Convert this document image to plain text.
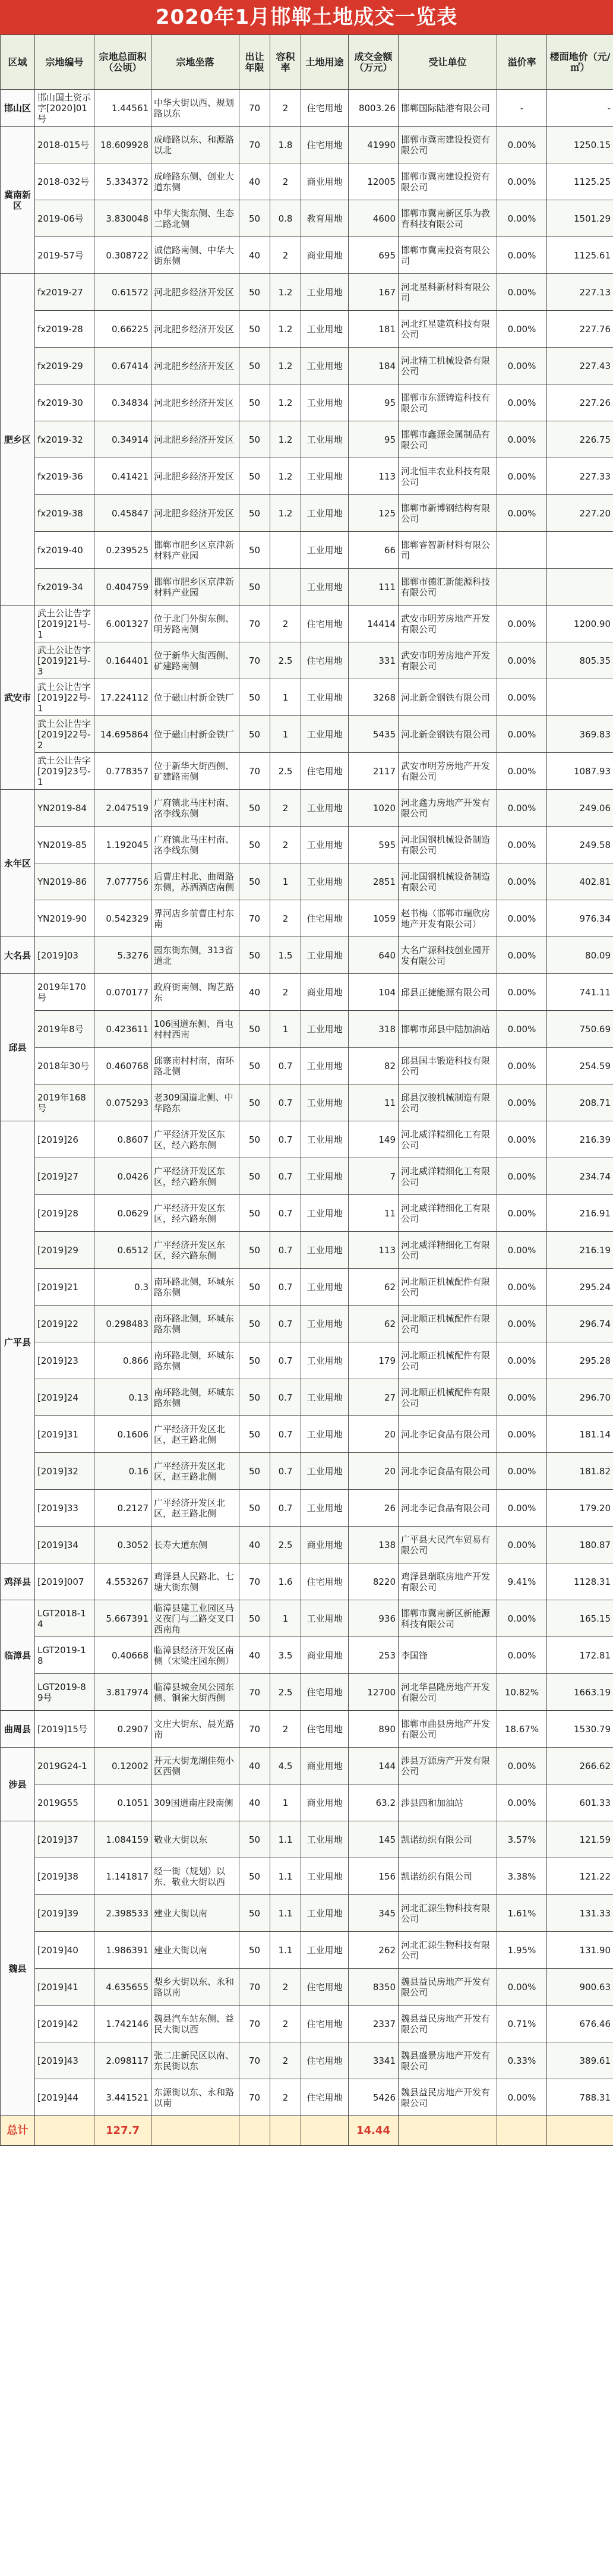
2020年1月邯郸土地成交一览表
区域	宗地编号	宗地总面积（公顷）	宗地坐落	出让年限	容积率	土地用途	成交金额（万元）	受让单位	溢价率	楼面地价（元/㎡）
邯山区	邯山国土资示字[2020]01号	1.44561	中华大街以西、规划路以东	70	2	住宅用地	8003.26	邯郸国际陆港有限公司	-	-
冀南新区	2018-015号	18.609928	成峰路以东、和源路以北	70	1.8	住宅用地	41990	邯郸市冀南建设投资有限公司	0.00%	1250.15
	2018-032号	5.334372	成峰路东侧、创业大道东侧	40	2	商业用地	12005	邯郸市冀南建设投资有限公司	0.00%	1125.25
	2019-06号	3.830048	中华大街东侧、生态二路北侧	50	0.8	教育用地	4600	邯郸市冀南新区乐为教育科技有限公司	0.00%	1501.29
	2019-57号	0.308722	诚信路南侧、中华大街东侧	40	2	商业用地	695	邯郸市冀南投资有限公司	0.00%	1125.61
肥乡区	fx2019-27	0.61572	河北肥乡经济开发区	50	1.2	工业用地	167	河北星科新材料有限公司	0.00%	227.13
	fx2019-28	0.66225	河北肥乡经济开发区	50	1.2	工业用地	181	河北红星建筑科技有限公司	0.00%	227.76
	fx2019-29	0.67414	河北肥乡经济开发区	50	1.2	工业用地	184	河北精工机械设备有限公司	0.00%	227.43
	fx2019-30	0.34834	河北肥乡经济开发区	50	1.2	工业用地	95	邯郸市东源铸造科技有限公司	0.00%	227.26
	fx2019-32	0.34914	河北肥乡经济开发区	50	1.2	工业用地	95	邯郸市鑫源金属制品有限公司	0.00%	226.75
	fx2019-36	0.41421	河北肥乡经济开发区	50	1.2	工业用地	113	河北恒丰农业科技有限公司	0.00%	227.33
	fx2019-38	0.45847	河北肥乡经济开发区	50	1.2	工业用地	125	邯郸市新博钢结构有限公司	0.00%	227.20
	fx2019-40	0.239525	邯郸市肥乡区京津新材料产业园	50		工业用地	66	邯郸睿智新材料有限公司		
	fx2019-34	0.404759	邯郸市肥乡区京津新材料产业园	50		工业用地	111	邯郸市德汇新能源科技有限公司		
武安市	武土公让告字[2019]21号-1	6.001327	位于北门外街东侧、明芳路南侧	70	2	住宅用地	14414	武安市明芳房地产开发有限公司	0.00%	1200.90
	武土公让告字[2019]21号-3	0.164401	位于新华大街西侧、矿建路南侧	70	2.5	住宅用地	331	武安市明芳房地产开发有限公司	0.00%	805.35
	武土公让告字[2019]22号-1	17.224112	位于磁山村新金铁厂	50	1	工业用地	3268	河北新金钢铁有限公司	0.00%	
	武土公让告字[2019]22号-2	14.695864	位于磁山村新金铁厂	50	1	工业用地	5435	河北新金钢铁有限公司	0.00%	369.83
	武土公让告字[2019]23号-1	0.778357	位于新华大街西侧、矿建路南侧	70	2.5	住宅用地	2117	武安市明芳房地产开发有限公司	0.00%	1087.93
永年区	YN2019-84	2.047519	广府镇北马庄村南、洺李线东侧	50	2	工业用地	1020	河北鑫力房地产开发有限公司	0.00%	249.06
	YN2019-85	1.192045	广府镇北马庄村南、洺李线东侧	50	2	工业用地	595	河北国钢机械设备制造有限公司	0.00%	249.58
	YN2019-86	7.077756	后曹庄村北、曲周路东侧，苏洒酒店南侧	50	1	工业用地	2851	河北国钢机械设备制造有限公司	0.00%	402.81
	YN2019-90	0.542329	界河店乡前曹庄村东南	70	2	住宅用地	1059	赵书梅（邯郸市瑞欣房地产开发有限公司）	0.00%	976.34
大名县	[2019]03	5.3276	园东街东侧，313省道北	50	1.5	工业用地	640	大名广源科技创业园开发有限公司	0.00%	80.09
邱县	2019年170号	0.070177	政府街南侧、陶艺路东	40	2	商业用地	104	邱县正捷能源有限公司	0.00%	741.11
	2019年8号	0.423611	106国道东侧、肖屯村村西南	50	1	工业用地	318	邯郸市邱县中陆加油站	0.00%	750.69
	2018年30号	0.460768	邱寨南村村南，南环路北侧	50	0.7	工业用地	82	邱县国丰锻造科技有限公司	0.00%	254.59
	2019年168号	0.075293	老309国道北侧、中华路东	50	0.7	工业用地	11	邱县汉骏机械制造有限公司	0.00%	208.71
广平县	[2019]26	0.8607	广平经济开发区东区，经六路东侧	50	0.7	工业用地	149	河北威洋精细化工有限公司	0.00%	216.39
	[2019]27	0.0426	广平经济开发区东区，经六路东侧	50	0.7	工业用地	7	河北威洋精细化工有限公司	0.00%	234.74
	[2019]28	0.0629	广平经济开发区东区，经六路东侧	50	0.7	工业用地	11	河北威洋精细化工有限公司	0.00%	216.91
	[2019]29	0.6512	广平经济开发区东区，经六路东侧	50	0.7	工业用地	113	河北威洋精细化工有限公司	0.00%	216.19
	[2019]21	0.3	南环路北侧，环城东路东侧	50	0.7	工业用地	62	河北顺正机械配件有限公司	0.00%	295.24
	[2019]22	0.298483	南环路北侧，环城东路东侧	50	0.7	工业用地	62	河北顺正机械配件有限公司	0.00%	296.74
	[2019]23	0.866	南环路北侧，环城东路东侧	50	0.7	工业用地	179	河北顺正机械配件有限公司	0.00%	295.28
	[2019]24	0.13	南环路北侧，环城东路东侧	50	0.7	工业用地	27	河北顺正机械配件有限公司	0.00%	296.70
	[2019]31	0.1606	广平经济开发区北区，赵王路北侧	50	0.7	工业用地	20	河北李记食品有限公司	0.00%	181.14
	[2019]32	0.16	广平经济开发区北区，赵王路北侧	50	0.7	工业用地	20	河北李记食品有限公司	0.00%	181.82
	[2019]33	0.2127	广平经济开发区北区，赵王路北侧	50	0.7	工业用地	26	河北李记食品有限公司	0.00%	179.20
	[2019]34	0.3052	长寿大道东侧	40	2.5	商业用地	138	广平县大民汽车贸易有限公司	0.00%	180.87
鸡泽县	[2019]007	4.553267	鸡泽县人民路北、七塘大街东侧	70	1.6	住宅用地	8220	鸡泽县瑞联房地产开发有限公司	9.41%	1128.31
临漳县	LGT2018-14	5.667391	临漳县建工业园区马义夜门与二路交叉口西南角	50	1	工业用地	936	邯郸市冀南新区新能源科技有限公司	0.00%	165.15
	LGT2019-18	0.40668	临漳县经济开发区南侧（宋梁庄园东侧）	40	3.5	商业用地	253	李国锋	0.00%	172.81
	LGT2019-89号	3.817974	临漳县城金凤公园东侧、铜雀大街西侧	70	2.5	住宅用地	12700	河北华昌隆房地产开发有限公司	10.82%	1663.19
曲周县	[2019]15号	0.2907	文庄大街东、晨光路南	70	2	住宅用地	890	邯郸市曲县房地产开发有限公司	18.67%	1530.79
涉县	2019G24-1	0.12002	开元大街龙湖佳苑小区西侧	40	4.5	商业用地	144	涉县万源房产开发有限公司	0.00%	266.62
	2019G55	0.1051	309国道南庄段南侧	40	1	商业用地	63.2	涉县四和加油站	0.00%	601.33
魏县	[2019]37	1.084159	敬业大街以东	50	1.1	工业用地	145	凯诺纺织有限公司	3.57%	121.59
	[2019]38	1.141817	经一街（规划）以东、敬业大街以西	50	1.1	工业用地	156	凯诺纺织有限公司	3.38%	121.22
	[2019]39	2.398533	建业大街以南	50	1.1	工业用地	345	河北汇源生物科技有限公司	1.61%	131.33
	[2019]40	1.986391	建业大街以南	50	1.1	工业用地	262	河北汇源生物科技有限公司	1.95%	131.90
	[2019]41	4.635655	梨乡大街以东、永和路以南	70	2	住宅用地	8350	魏县益民房地产开发有限公司	0.00%	900.63
	[2019]42	1.742146	魏县汽车站东侧、益民大街以西	70	2	住宅用地	2337	魏县益民房地产开发有限公司	0.71%	676.46
	[2019]43	2.098117	张二庄新民区以南、东民街以东	70	2	住宅用地	3341	魏县盛景房地产开发有限公司	0.33%	389.61
	[2019]44	3.441521	东源街以东、永和路以南	70	2	住宅用地	5426	魏县益民房地产开发有限公司	0.00%	788.31
总计		127.7					14.44			
